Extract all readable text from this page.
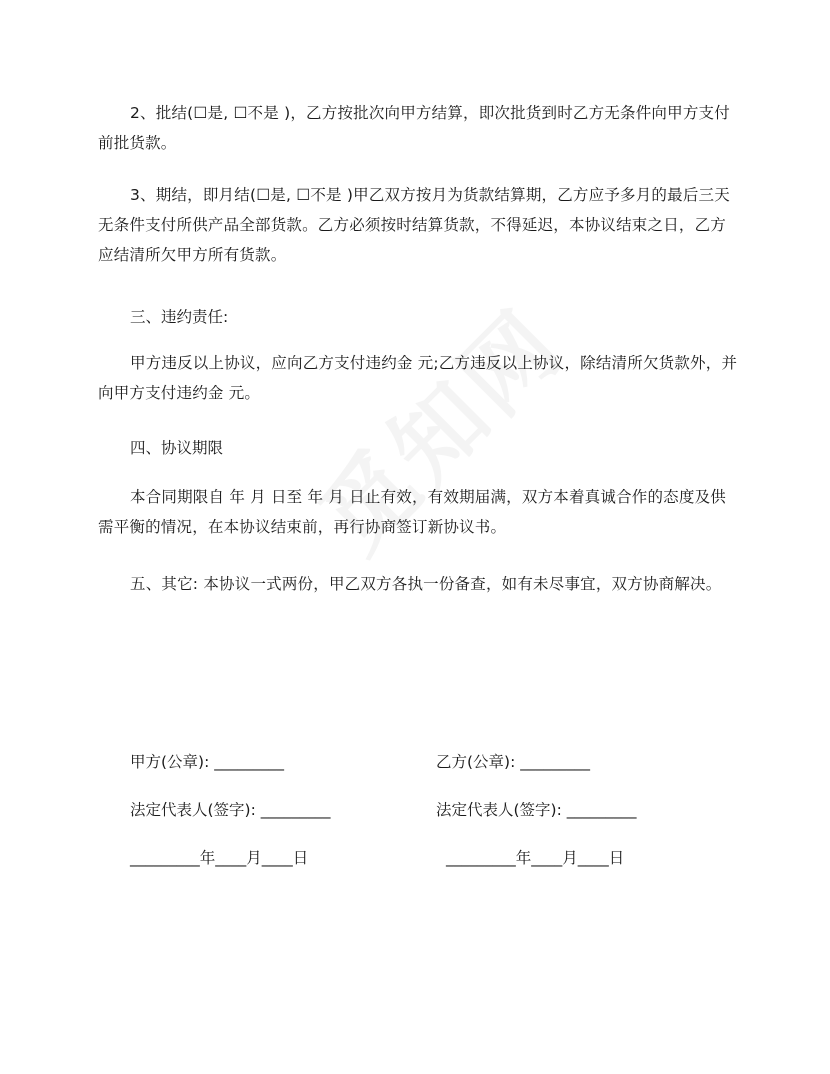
2、批结(☐是, ☐不是 )，乙方按批次向甲方结算，即次批货到时乙方无条件向甲方支付前批货款。

3、期结，即月结(☐是, ☐不是 )甲乙双方按月为货款结算期，乙方应予多月的最后三天无条件支付所供产品全部货款。乙方必须按时结算货款，不得延迟，本协议结束之日，乙方应结清所欠甲方所有货款。

三、违约责任:

甲方违反以上协议，应向乙方支付违约金 元;乙方违反以上协议，除结清所欠货款外，并向甲方支付违约金 元。

四、协议期限

本合同期限自 年 月 日至 年 月 日止有效，有效期届满，双方本着真诚合作的态度及供需平衡的情况，在本协议结束前，再行协商签订新协议书。

五、其它: 本协议一式两份，甲乙双方各执一份备查，如有未尽事宜，双方协商解决。

甲方(公章): _________	乙方(公章): _________

法定代表人(签字): _________	法定代表人(签字): _________

_________年____月____日	_________年____月____日
